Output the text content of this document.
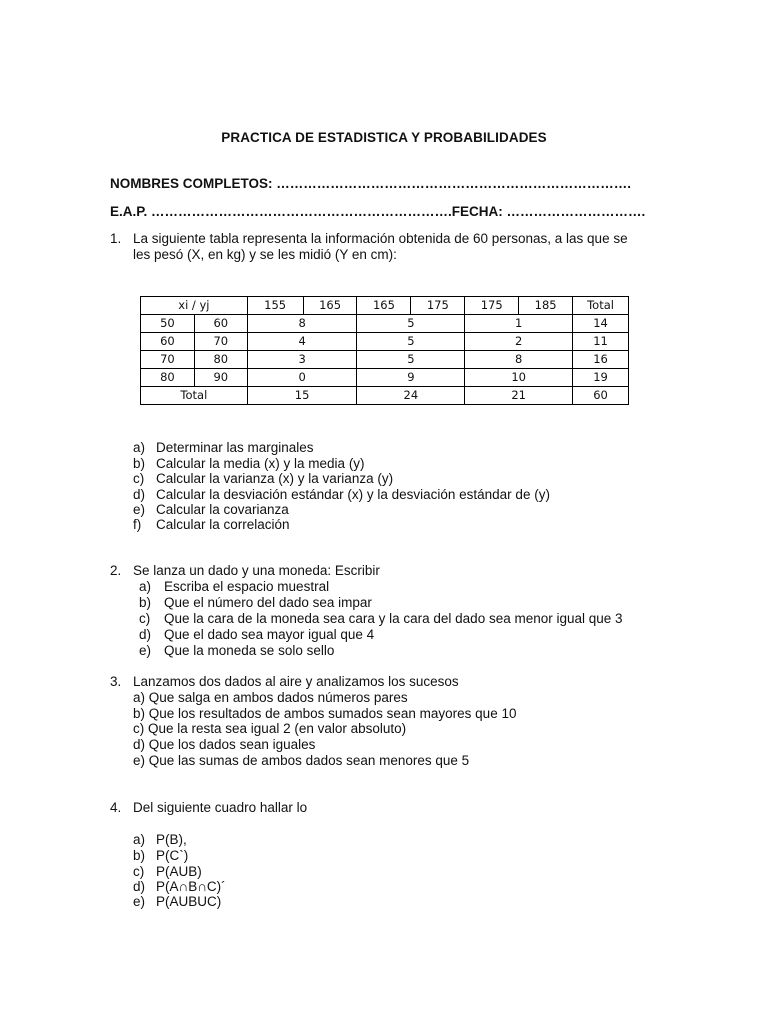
PRACTICA DE ESTADISTICA Y PROBABILIDADES
NOMBRES COMPLETOS: …………………………………………………………………….
E.A.P. ………………………………………………………….FECHA: ………………………….
1. La siguiente tabla representa la información obtenida de 60 personas, a las que se
les pesó (X, en kg) y se les midió (Y en cm):
xi / yj		155	165	165	175	175	185	Total
50	60	8		5		1		14
60	70	4		5		2		11
70	80	3		5		8		16
80	90	0		9		10		19
Total		15		24		21		60
a) Determinar las marginales
b) Calcular la media (x) y la media (y)
c) Calcular la varianza (x) y la varianza (y)
d) Calcular la desviación estándar (x) y la desviación estándar de (y)
e) Calcular la covarianza
f) Calcular la correlación
2. Se lanza un dado y una moneda: Escribir
a) Escriba el espacio muestral
b) Que el número del dado sea impar
c) Que la cara de la moneda sea cara y la cara del dado sea menor igual que 3
d) Que el dado sea mayor igual que 4
e) Que la moneda se solo sello
3. Lanzamos dos dados al aire y analizamos los sucesos
a) Que salga en ambos dados números pares
b) Que los resultados de ambos sumados sean mayores que 10
c) Que la resta sea igual 2 (en valor absoluto)
d) Que los dados sean iguales
e) Que las sumas de ambos dados sean menores que 5
4. Del siguiente cuadro hallar lo
a) P(B),
b) P(C`)
c) P(AUB)
d) P(A∩B∩C)´
e) P(AUBUC)
